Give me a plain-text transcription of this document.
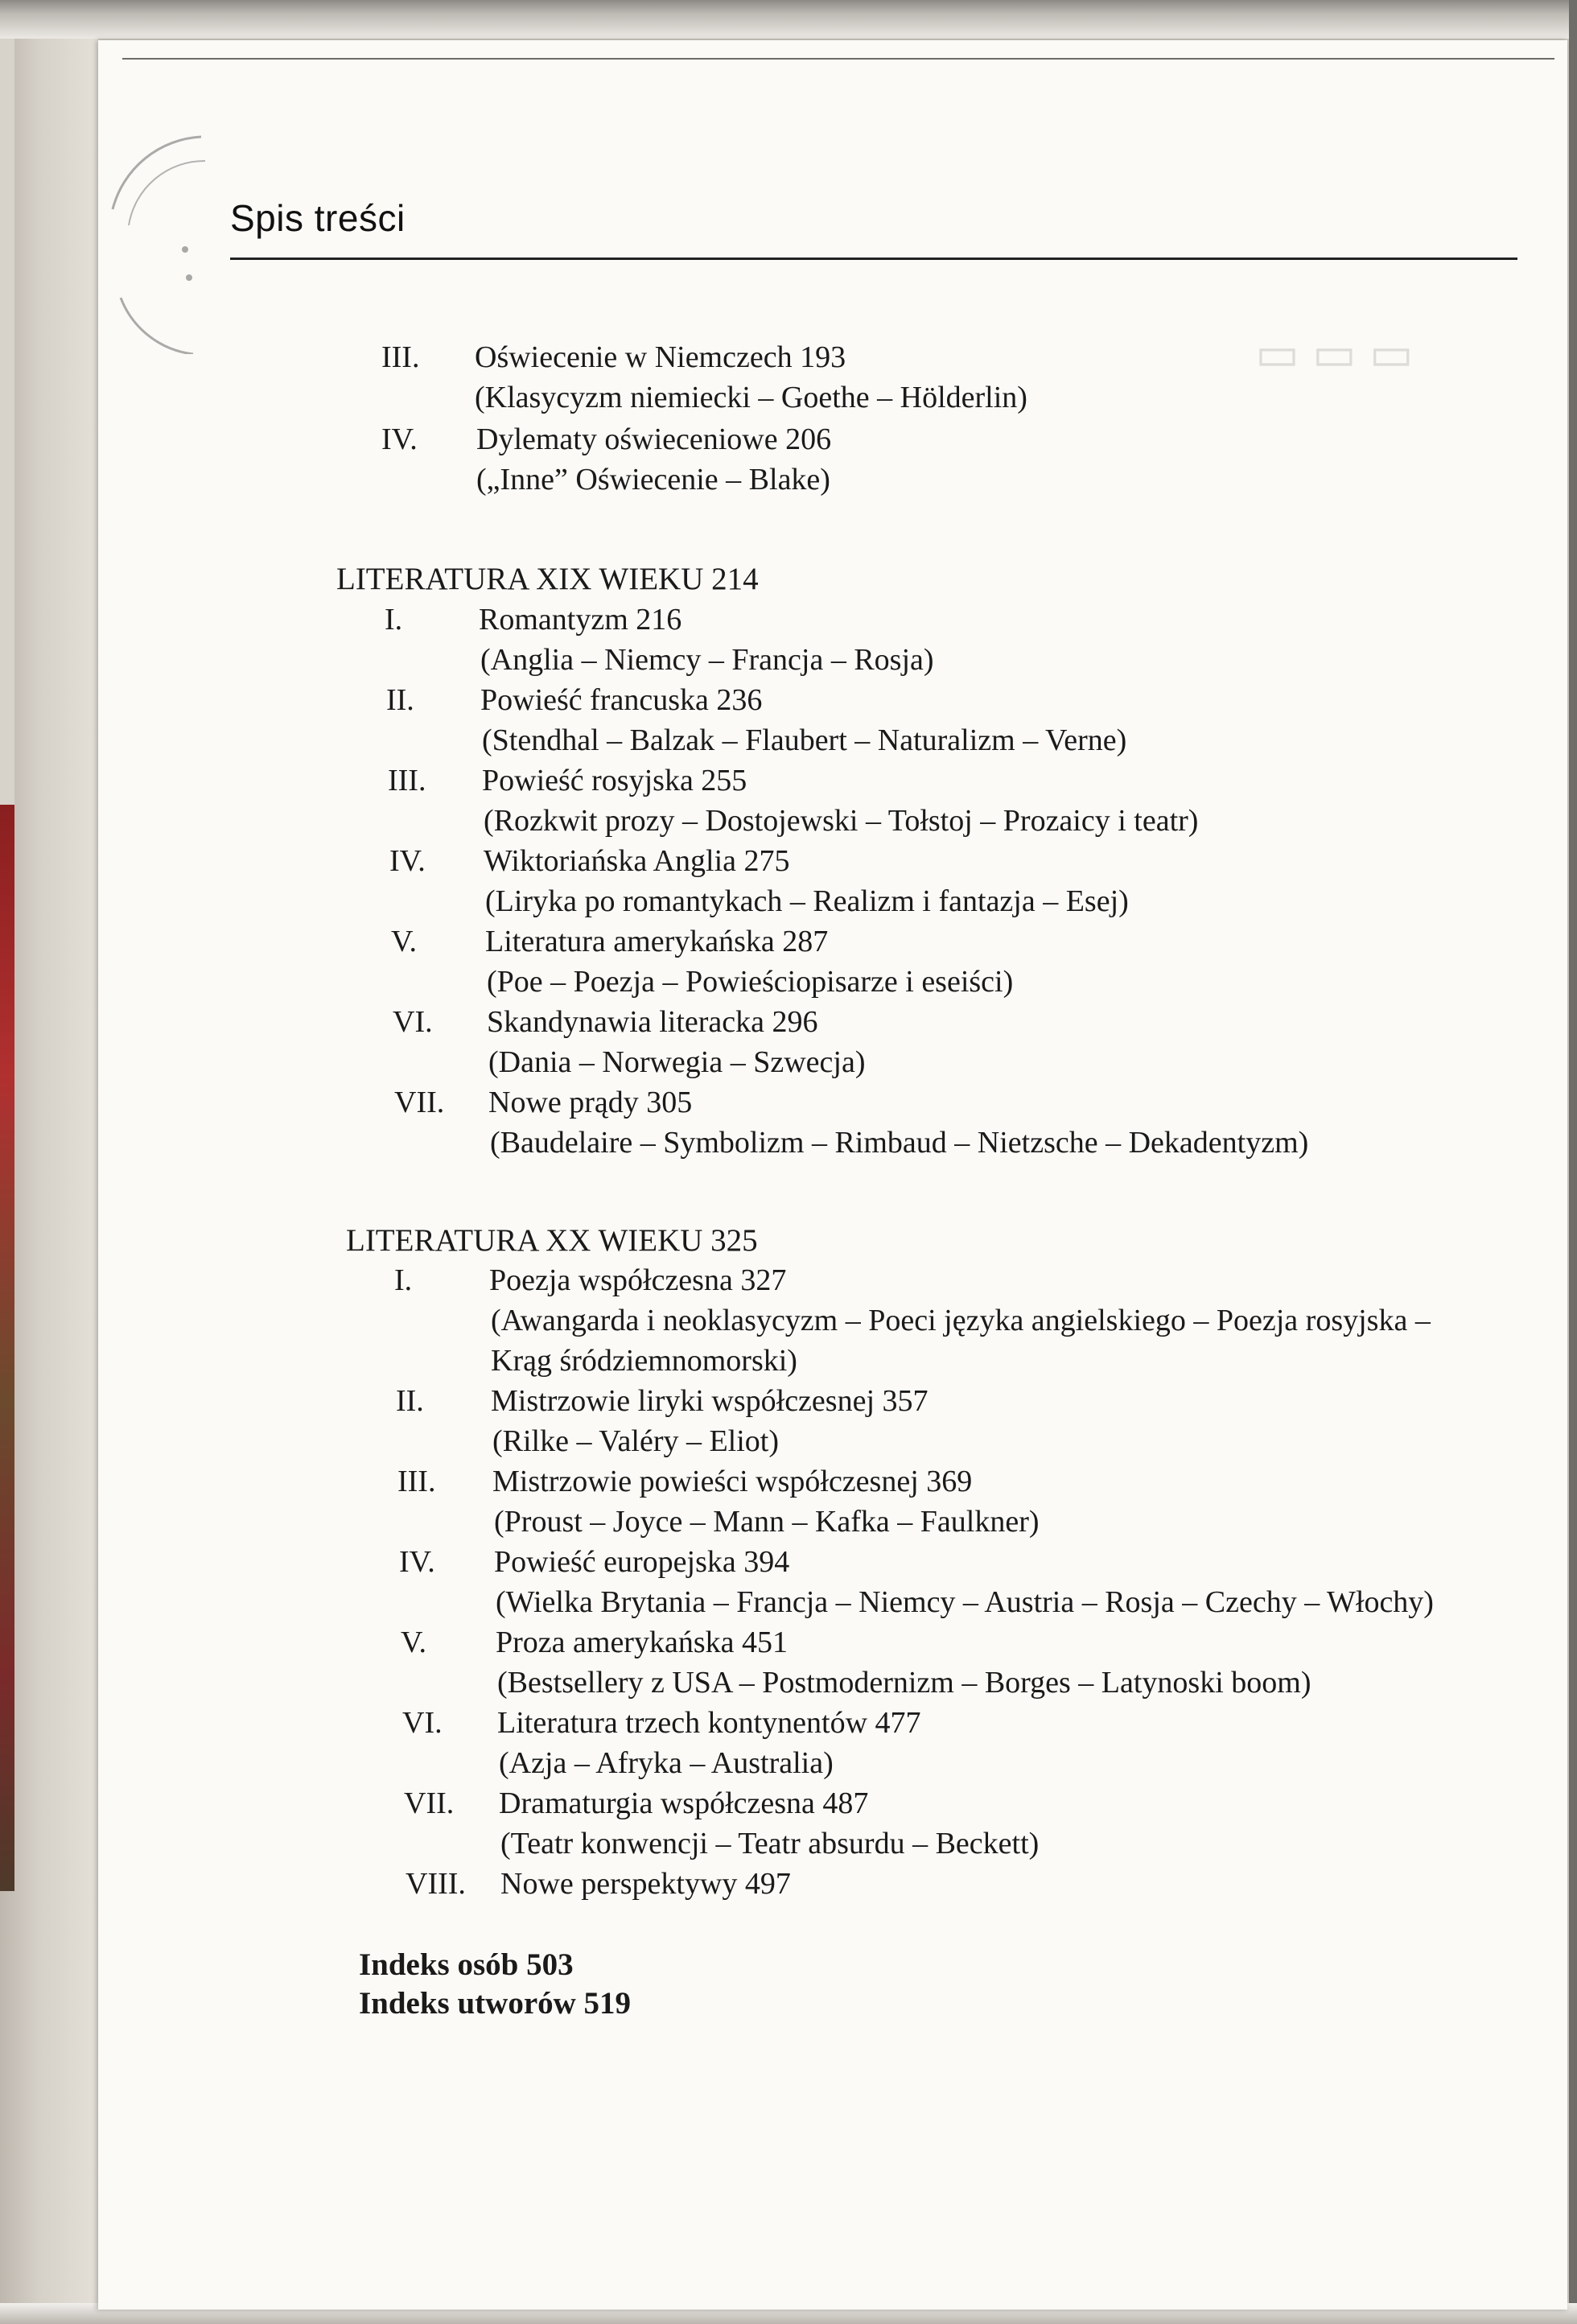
▭ ▭ ▭
Spis treści
III. Oświecenie w Niemczech 193
(Klasycyzm niemiecki – Goethe – Hölderlin)
IV. Dylematy oświeceniowe 206
(„Inne” Oświecenie – Blake)
LITERATURA XIX WIEKU 214
I. Romantyzm 216
(Anglia – Niemcy – Francja – Rosja)
II. Powieść francuska 236
(Stendhal – Balzak – Flaubert – Naturalizm – Verne)
III. Powieść rosyjska 255
(Rozkwit prozy – Dostojewski – Tołstoj – Prozaicy i teatr)
IV. Wiktoriańska Anglia 275
(Liryka po romantykach – Realizm i fantazja – Esej)
V. Literatura amerykańska 287
(Poe – Poezja – Powieściopisarze i eseiści)
VI. Skandynawia literacka 296
(Dania – Norwegia – Szwecja)
VII. Nowe prądy 305
(Baudelaire – Symbolizm – Rimbaud – Nietzsche – Dekadentyzm)
LITERATURA XX WIEKU 325
I.	Poezja współczesna 327
(Awangarda i neoklasycyzm – Poeci języka angielskiego – Poezja rosyjska –
Krąg śródziemnomorski)
II. Mistrzowie liryki współczesnej 357
(Rilke – Valéry – Eliot)
III. Mistrzowie powieści współczesnej 369
(Proust – Joyce – Mann – Kafka – Faulkner)
IV. Powieść europejska 394
(Wielka Brytania – Francja – Niemcy – Austria – Rosja – Czechy – Włochy)
V. Proza amerykańska 451
(Bestsellery z USA – Postmodernizm – Borges – Latynoski boom)
VI. Literatura trzech kontynentów 477
(Azja – Afryka – Australia)
VII. Dramaturgia współczesna 487
(Teatr konwencji – Teatr absurdu – Beckett)
VIII. Nowe perspektywy 497
Indeks osób 503
Indeks utworów 519
